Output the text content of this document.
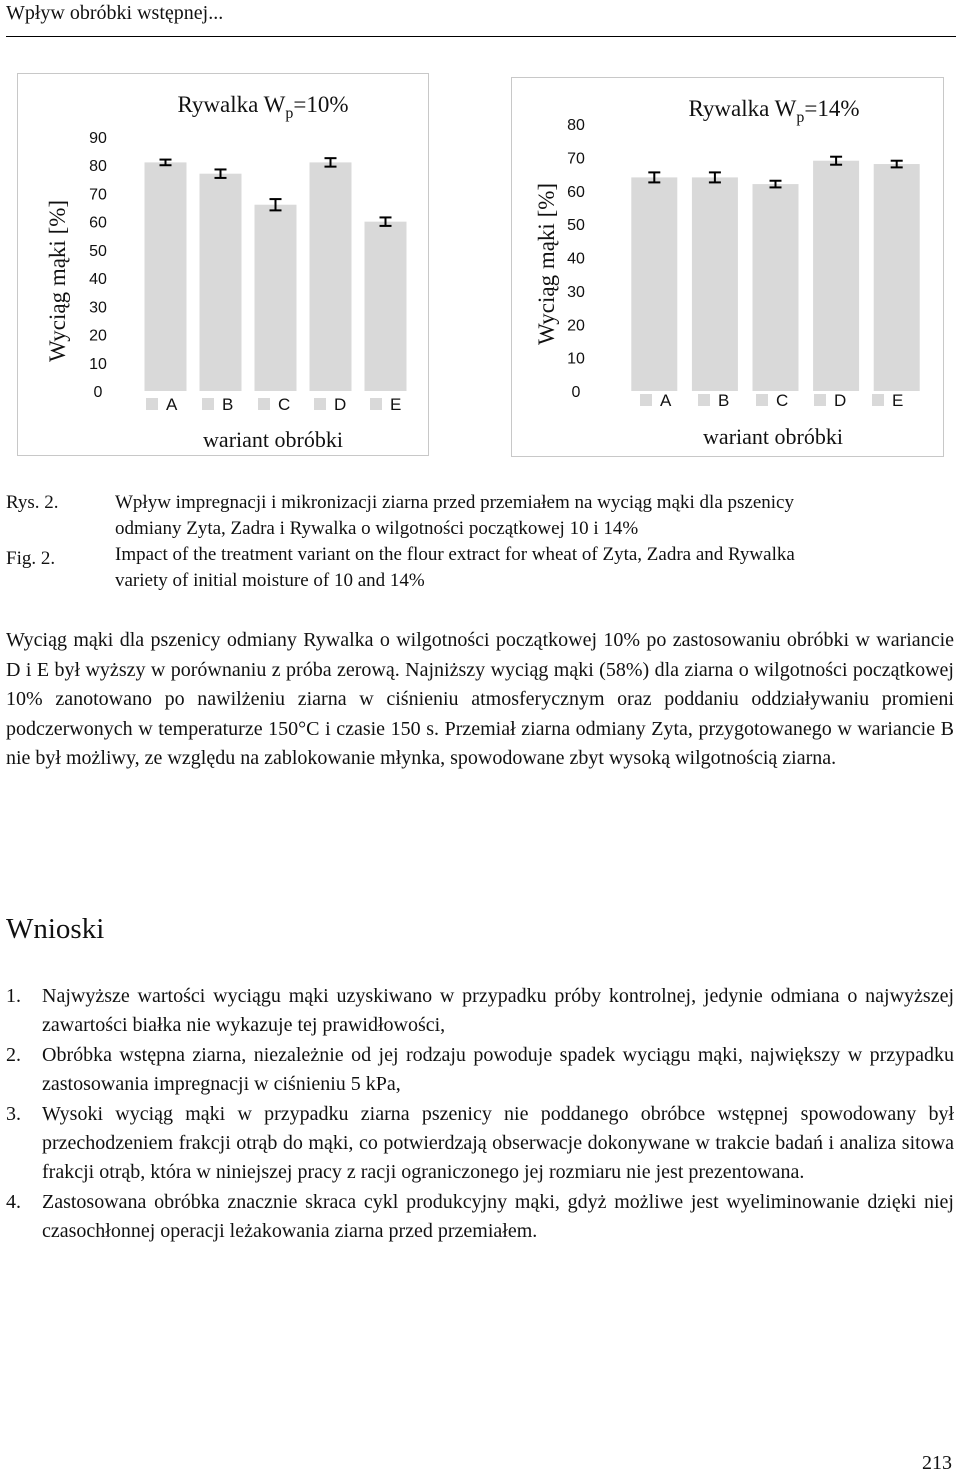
Wpływ obróbki wstępnej...
Rywalka $W_p=10\%$
Wyciąg mąki [%]
wariant obróbki
0
10
20
30
40
50
60
70
80
90
A	B	C	D	E
Rywalka $W_p=14\%$
Wyciąg mąki [%]
wariant obróbki
0
10
20
30
40
50
60
70
80
A	B	C	D	E
Rys. 2.	Wpływ impregnacji i mikronizacji ziarna przed przemiałem na wyciąg mąki dla pszenicy
odmiany Zyta, Zadra i Rywalka o wilgotności początkowej 10 i 14%
Fig. 2.	Impact of the treatment variant on the flour extract for wheat of Zyta, Zadra and Rywalka
variety of initial moisture of 10 and 14%

Wyciąg mąki dla pszenicy odmiany Rywalka o wilgotności początkowej 10% po zastosowaniu obróbki w wariancie D i E był wyższy w porównaniu z próba zerową. Najniższy wyciąg mąki (58%) dla ziarna o wilgotności początkowej 10% zanotowano po nawilżeniu ziarna w ciśnieniu atmosferycznym oraz poddaniu oddziaływaniu promieni podczerwonych w temperaturze 150°C i czasie 150 s. Przemiał ziarna odmiany Zyta, przygotowanego w wariancie B nie był możliwy, ze względu na zablokowanie młynka, spowodowane zbyt wysoką wilgotnością ziarna.

Wnioski
1. Najwyższe wartości wyciągu mąki uzyskiwano w przypadku próby kontrolnej, jedynie odmiana o najwyższej zawartości białka nie wykazuje tej prawidłowości,
2. Obróbka wstępna ziarna, niezależnie od jej rodzaju powoduje spadek wyciągu mąki, największy w przypadku zastosowania impregnacji w ciśnieniu 5 kPa,
3. Wysoki wyciąg mąki w przypadku ziarna pszenicy nie poddanego obróbce wstępnej spowodowany był przechodzeniem frakcji otrąb do mąki, co potwierdzają obserwacje dokonywane w trakcie badań i analiza sitowa frakcji otrąb, która w niniejszej pracy z racji ograniczonego jej rozmiaru nie jest prezentowana.
4. Zastosowana obróbka znacznie skraca cykl produkcyjny mąki, gdyż możliwe jest wyeliminowanie dzięki niej czasochłonnej operacji leżakowania ziarna przed przemiałem.
213
